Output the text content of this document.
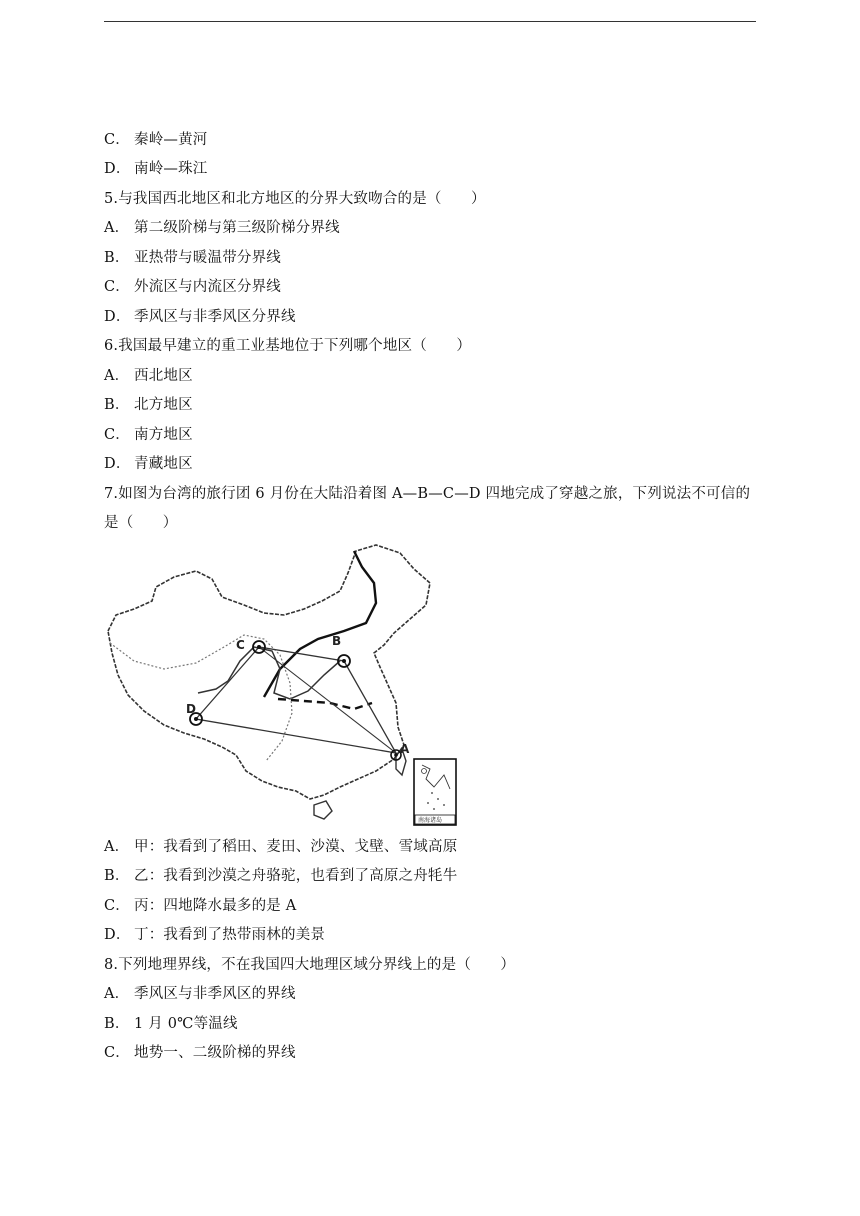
C． 秦岭—黄河
D． 南岭—珠江
5.与我国西北地区和北方地区的分界大致吻合的是（　　）
A． 第二级阶梯与第三级阶梯分界线
B． 亚热带与暖温带分界线
C． 外流区与内流区分界线
D． 季风区与非季风区分界线
6.我国最早建立的重工业基地位于下列哪个地区（　　）
A． 西北地区
B． 北方地区
C． 南方地区
D． 青藏地区
7.如图为台湾的旅行团 6 月份在大陆沿着图 A—B—C—D 四地完成了穿越之旅，下列说法不可信的
是（　　）
A
B
C
D
南海诸岛
A． 甲：我看到了稻田、麦田、沙漠、戈壁、雪域高原
B． 乙：我看到沙漠之舟骆驼，也看到了高原之舟牦牛
C． 丙：四地降水最多的是 A
D． 丁：我看到了热带雨林的美景
8.下列地理界线，不在我国四大地理区域分界线上的是（　　）
A． 季风区与非季风区的界线
B． 1 月 0℃等温线
C． 地势一、二级阶梯的界线
